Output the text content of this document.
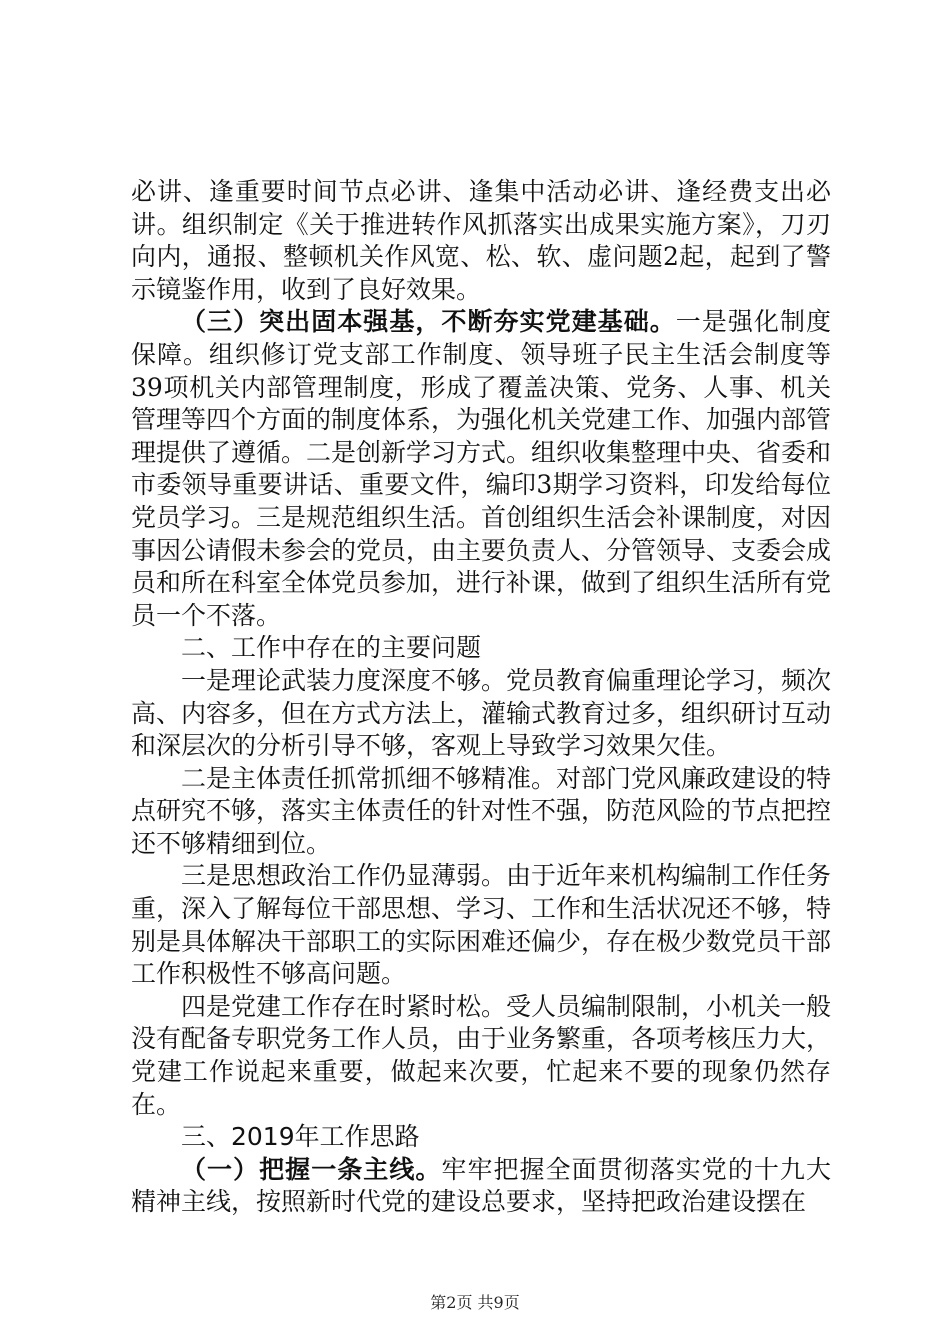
必讲、逢重要时间节点必讲、逢集中活动必讲、逢经费支出必讲。组织制定《关于推进转作风抓落实出成果实施方案》，刀刃向内，通报、整顿机关作风宽、松、软、虚问题2起，起到了警示镜鉴作用，收到了良好效果。

（三）突出固本强基，不断夯实党建基础。一是强化制度保障。组织修订党支部工作制度、领导班子民主生活会制度等39项机关内部管理制度，形成了覆盖决策、党务、人事、机关管理等四个方面的制度体系，为强化机关党建工作、加强内部管理提供了遵循。二是创新学习方式。组织收集整理中央、省委和市委领导重要讲话、重要文件，编印3期学习资料，印发给每位党员学习。三是规范组织生活。首创组织生活会补课制度，对因事因公请假未参会的党员，由主要负责人、分管领导、支委会成员和所在科室全体党员参加，进行补课，做到了组织生活所有党员一个不落。

二、工作中存在的主要问题

一是理论武装力度深度不够。党员教育偏重理论学习，频次高、内容多，但在方式方法上，灌输式教育过多，组织研讨互动和深层次的分析引导不够，客观上导致学习效果欠佳。

二是主体责任抓常抓细不够精准。对部门党风廉政建设的特点研究不够，落实主体责任的针对性不强，防范风险的节点把控还不够精细到位。

三是思想政治工作仍显薄弱。由于近年来机构编制工作任务重，深入了解每位干部思想、学习、工作和生活状况还不够，特别是具体解决干部职工的实际困难还偏少，存在极少数党员干部工作积极性不够高问题。

四是党建工作存在时紧时松。受人员编制限制，小机关一般没有配备专职党务工作人员，由于业务繁重，各项考核压力大，党建工作说起来重要，做起来次要，忙起来不要的现象仍然存在。

三、2019年工作思路

（一）把握一条主线。牢牢把握全面贯彻落实党的十九大精神主线，按照新时代党的建设总要求，坚持把政治建设摆在

第2页 共9页
